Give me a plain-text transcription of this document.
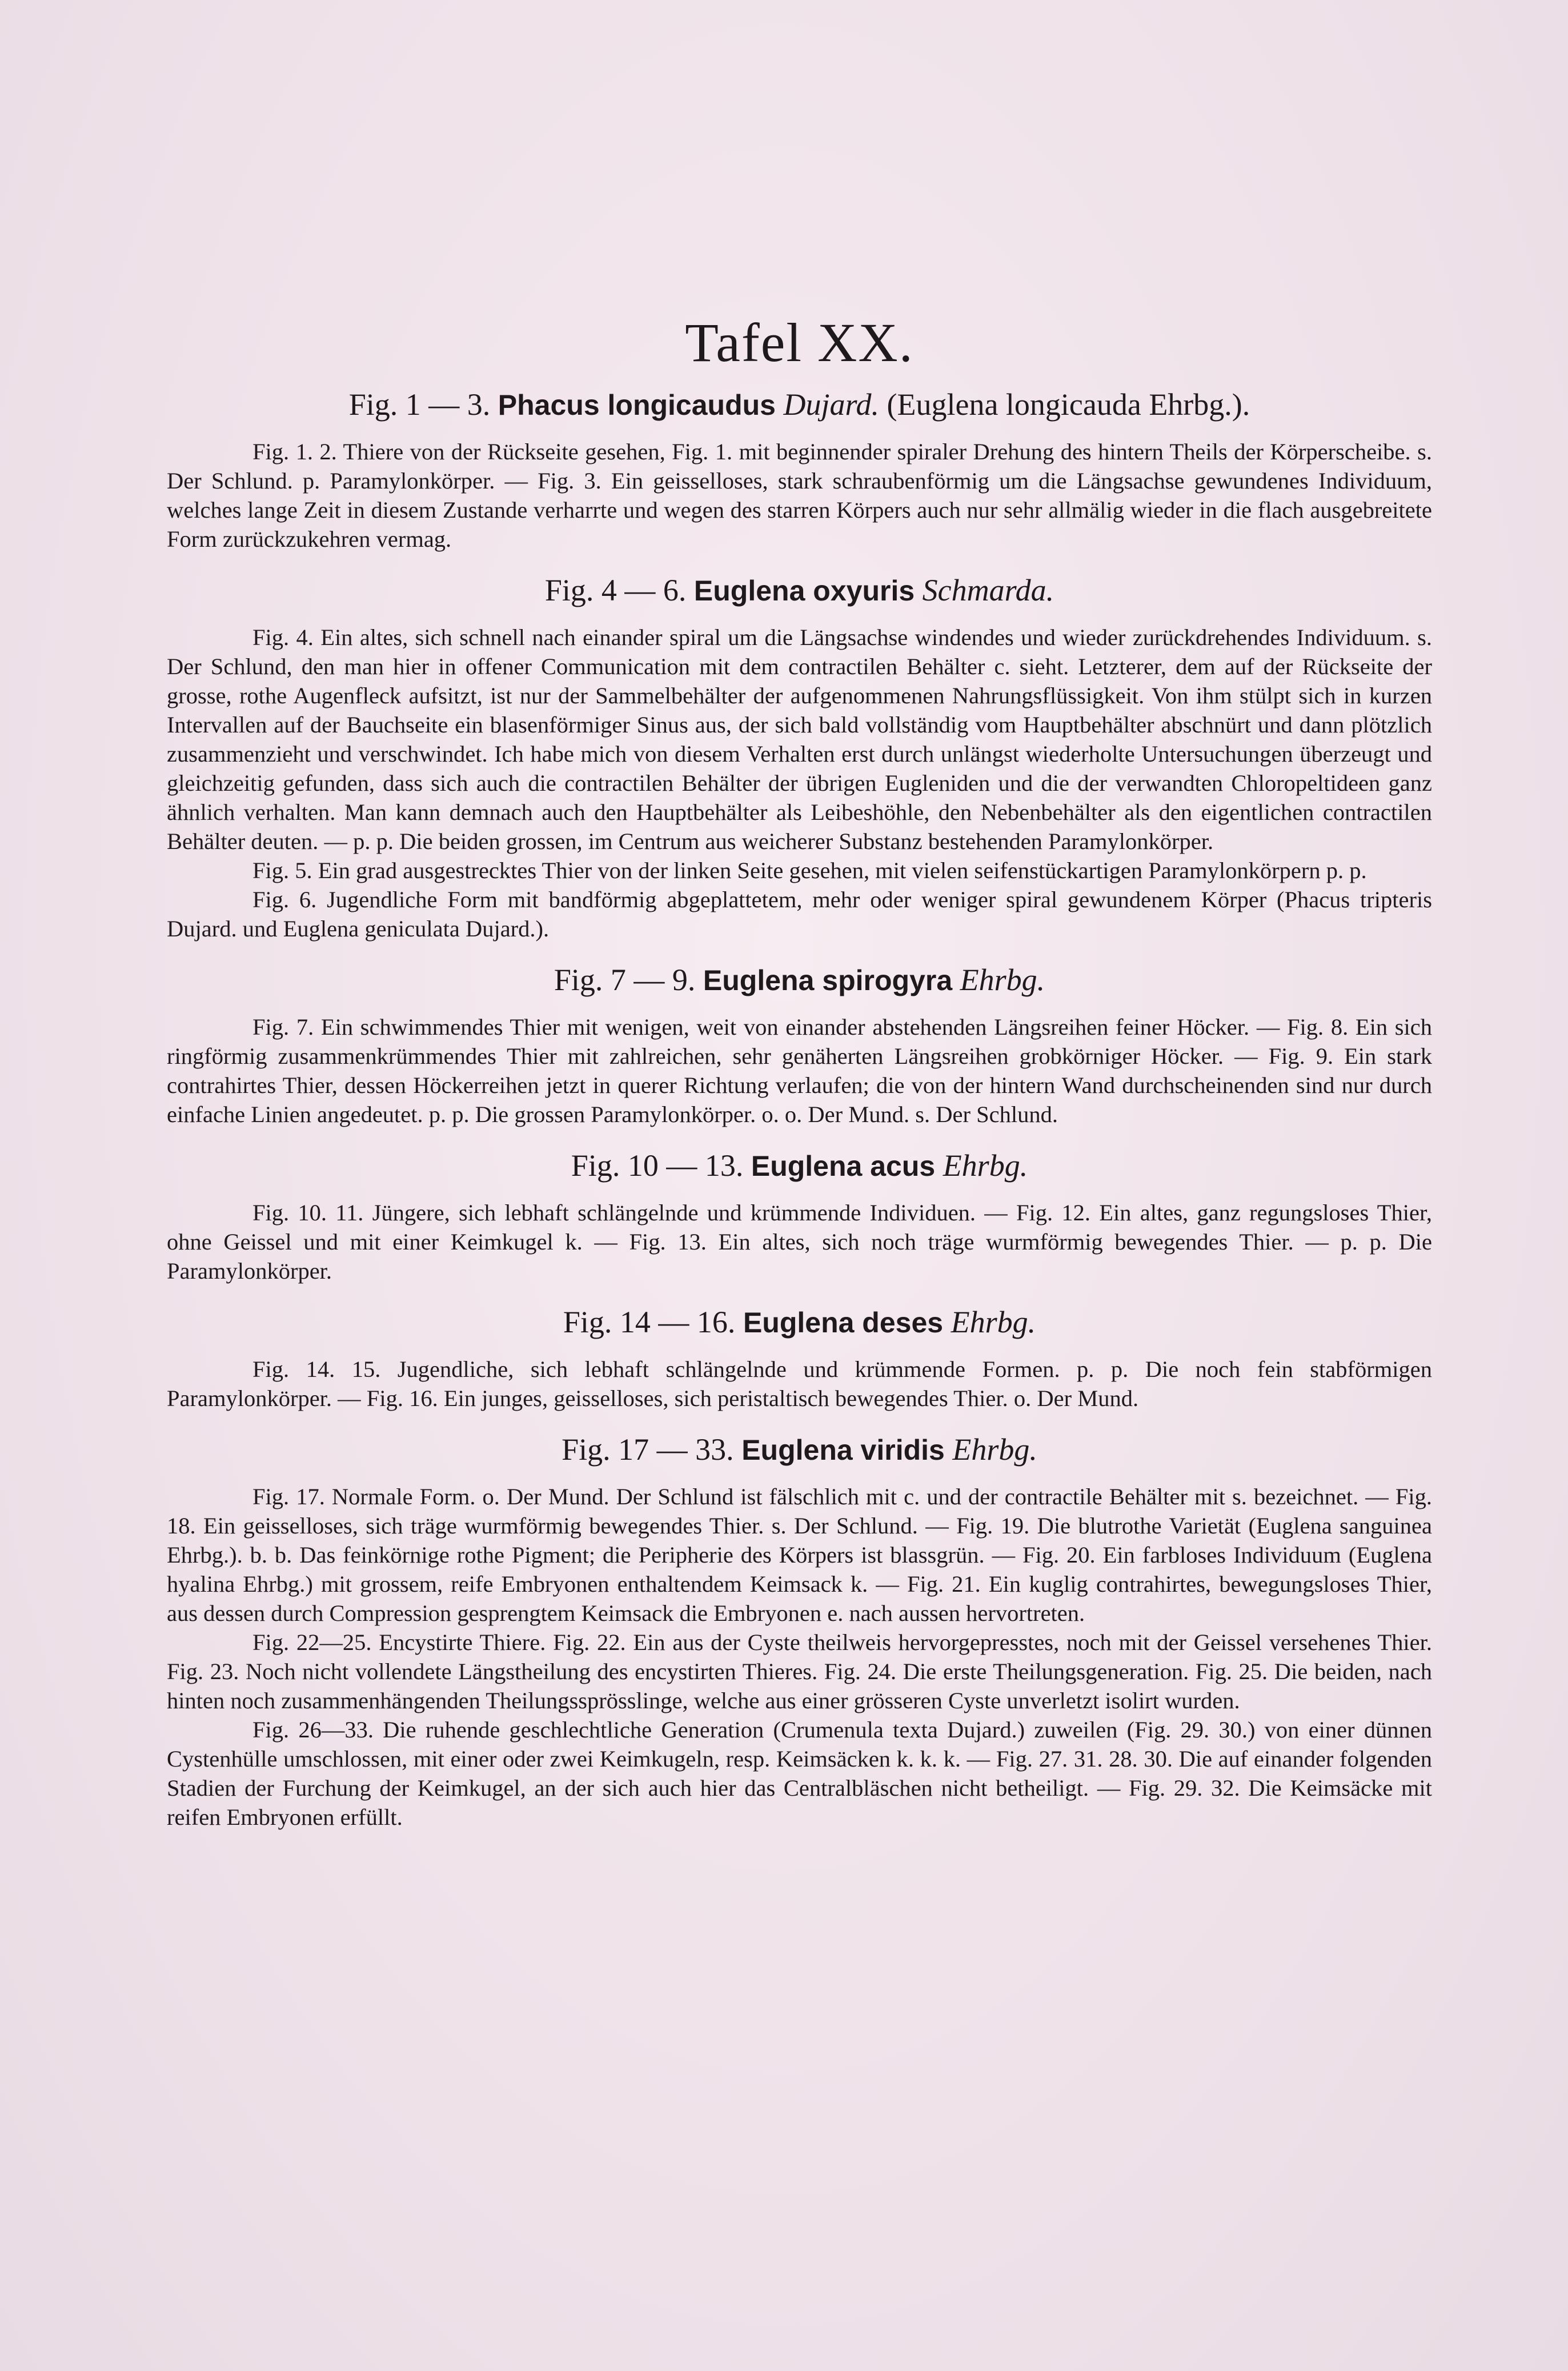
Tafel XX.
Fig. 1 — 3. Phacus longicaudus Dujard. (Euglena longicauda Ehrbg.).

Fig. 1. 2. Thiere von der Rückseite gesehen, Fig. 1. mit beginnender spiraler Drehung des hintern Theils der Körperscheibe. s. Der Schlund. p. Paramylonkörper. — Fig. 3. Ein geisselloses, stark schraubenförmig um die Längsachse gewundenes Individuum, welches lange Zeit in diesem Zustande verharrte und wegen des starren Körpers auch nur sehr allmälig wieder in die flach ausgebreitete Form zurückzukehren vermag.

Fig. 4 — 6. Euglena oxyuris Schmarda.

Fig. 4. Ein altes, sich schnell nach einander spiral um die Längsachse windendes und wieder zurückdrehendes Individuum. s. Der Schlund, den man hier in offener Communication mit dem contractilen Behälter c. sieht. Letzterer, dem auf der Rückseite der grosse, rothe Augenfleck aufsitzt, ist nur der Sammelbehälter der aufgenommenen Nahrungsflüssigkeit. Von ihm stülpt sich in kurzen Intervallen auf der Bauchseite ein blasenförmiger Sinus aus, der sich bald vollständig vom Hauptbehälter abschnürt und dann plötzlich zusammenzieht und verschwindet. Ich habe mich von diesem Verhalten erst durch unlängst wiederholte Untersuchungen überzeugt und gleichzeitig gefunden, dass sich auch die contractilen Behälter der übrigen Eugleniden und die der verwandten Chloropeltideen ganz ähnlich verhalten. Man kann demnach auch den Hauptbehälter als Leibeshöhle, den Nebenbehälter als den eigentlichen contractilen Behälter deuten. — p. p. Die beiden grossen, im Centrum aus weicherer Substanz bestehenden Paramylonkörper.

Fig. 5. Ein grad ausgestrecktes Thier von der linken Seite gesehen, mit vielen seifenstückartigen Paramylonkörpern p. p.

Fig. 6. Jugendliche Form mit bandförmig abgeplattetem, mehr oder weniger spiral gewundenem Körper (Phacus tripteris Dujard. und Euglena geniculata Dujard.).

Fig. 7 — 9. Euglena spirogyra Ehrbg.

Fig. 7. Ein schwimmendes Thier mit wenigen, weit von einander abstehenden Längsreihen feiner Höcker. — Fig. 8. Ein sich ringförmig zusammenkrümmendes Thier mit zahlreichen, sehr genäherten Längsreihen grobkörniger Höcker. — Fig. 9. Ein stark contrahirtes Thier, dessen Höckerreihen jetzt in querer Richtung verlaufen; die von der hintern Wand durchscheinenden sind nur durch einfache Linien angedeutet. p. p. Die grossen Paramylonkörper. o. o. Der Mund. s. Der Schlund.

Fig. 10 — 13. Euglena acus Ehrbg.

Fig. 10. 11. Jüngere, sich lebhaft schlängelnde und krümmende Individuen. — Fig. 12. Ein altes, ganz regungsloses Thier, ohne Geissel und mit einer Keimkugel k. — Fig. 13. Ein altes, sich noch träge wurmförmig bewegendes Thier. — p. p. Die Paramylonkörper.

Fig. 14 — 16. Euglena deses Ehrbg.

Fig. 14. 15. Jugendliche, sich lebhaft schlängelnde und krümmende Formen. p. p. Die noch fein stabförmigen Paramylonkörper. — Fig. 16. Ein junges, geisselloses, sich peristaltisch bewegendes Thier. o. Der Mund.

Fig. 17 — 33. Euglena viridis Ehrbg.

Fig. 17. Normale Form. o. Der Mund. Der Schlund ist fälschlich mit c. und der contractile Behälter mit s. bezeichnet. — Fig. 18. Ein geisselloses, sich träge wurmförmig bewegendes Thier. s. Der Schlund. — Fig. 19. Die blutrothe Varietät (Euglena sanguinea Ehrbg.). b. b. Das feinkörnige rothe Pigment; die Peripherie des Körpers ist blassgrün. — Fig. 20. Ein farbloses Individuum (Euglena hyalina Ehrbg.) mit grossem, reife Embryonen enthaltendem Keimsack k. — Fig. 21. Ein kuglig contrahirtes, bewegungsloses Thier, aus dessen durch Compression gesprengtem Keimsack die Embryonen e. nach aussen hervortreten.

Fig. 22—25. Encystirte Thiere. Fig. 22. Ein aus der Cyste theilweis hervorgepresstes, noch mit der Geissel versehenes Thier. Fig. 23. Noch nicht vollendete Längstheilung des encystirten Thieres. Fig. 24. Die erste Theilungsgeneration. Fig. 25. Die beiden, nach hinten noch zusammenhängenden Theilungssprösslinge, welche aus einer grösseren Cyste unverletzt isolirt wurden.

Fig. 26—33. Die ruhende geschlechtliche Generation (Crumenula texta Dujard.) zuweilen (Fig. 29. 30.) von einer dünnen Cystenhülle umschlossen, mit einer oder zwei Keimkugeln, resp. Keimsäcken k. k. k. — Fig. 27. 31. 28. 30. Die auf einander folgenden Stadien der Furchung der Keimkugel, an der sich auch hier das Centralbläschen nicht betheiligt. — Fig. 29. 32. Die Keimsäcke mit reifen Embryonen erfüllt.
